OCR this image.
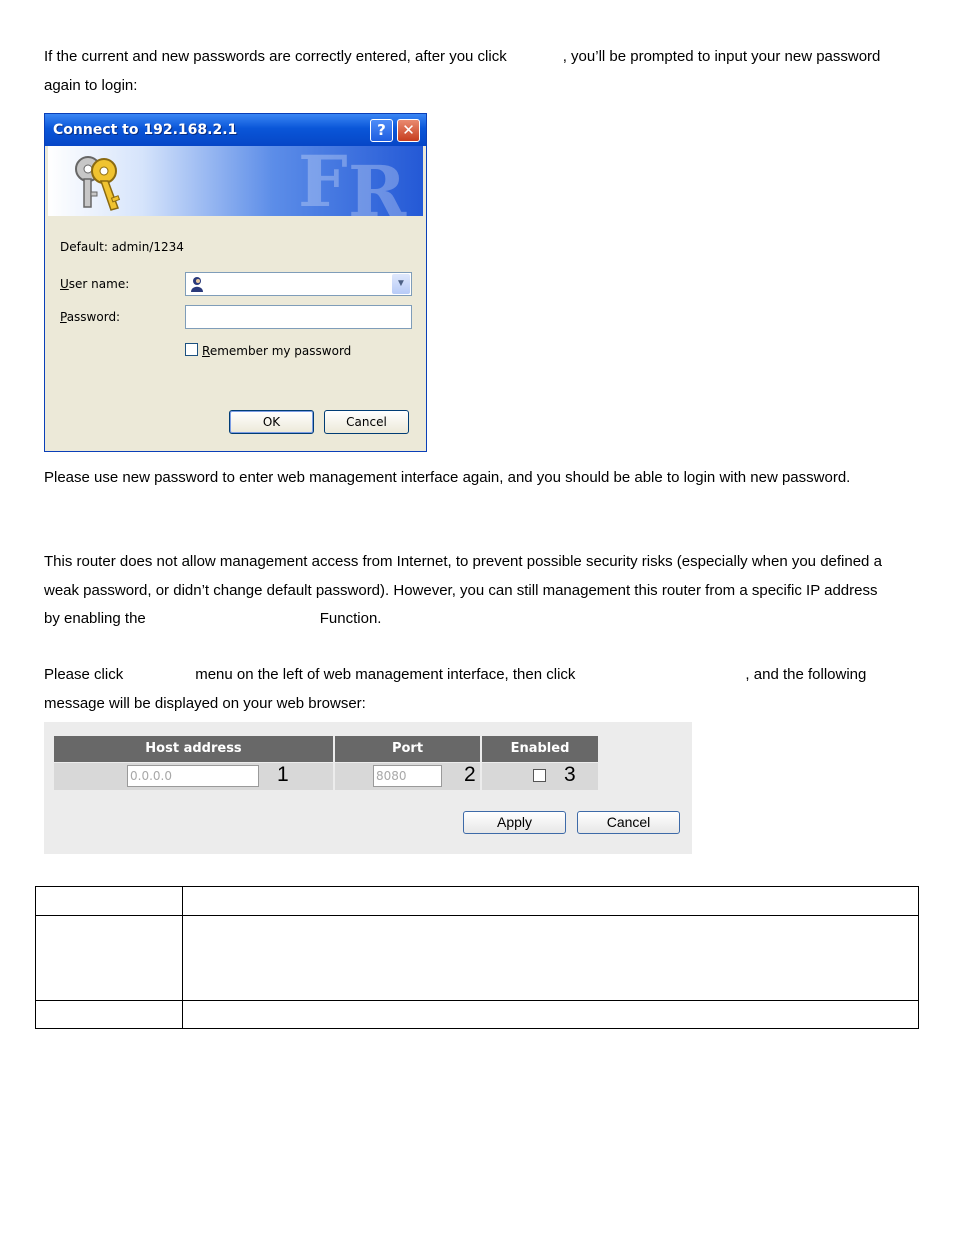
If the current and new passwords are correctly entered, after you click	, you’ll be prompted to input your new password
again to login:

Connect to 192.168.2.1	?	✕
F R
Default: admin/1234
User name:	▼
Password:
Remember my password
OK	Cancel

Please use new password to enter web management interface again, and you should be able to login with new password.

This router does not allow management access from Internet, to prevent possible security risks (especially when you defined a
weak password, or didn’t change default password). However, you can still management this router from a specific IP address
by enabling the	Function.

Please click	menu on the left of web management interface, then click	, and the following
message will be displayed on your web browser:

Host address	Port	Enabled
0.0.0.0	1	8080	2	3
Apply	Cancel
